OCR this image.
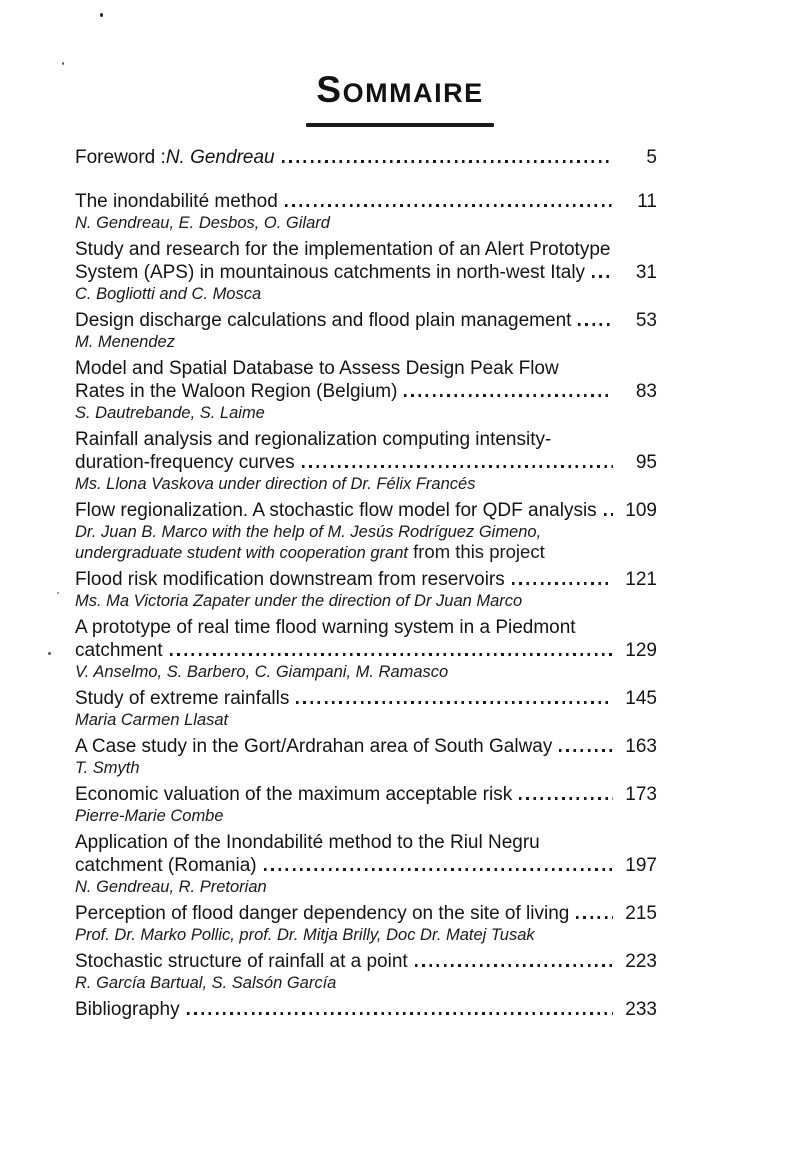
SOMMAIRE
Foreword :N. Gendreau	5
The inondabilité method	11
N. Gendreau, E. Desbos, O. Gilard
Study and research for the implementation of an Alert Prototype
System (APS) in mountainous catchments in north-west Italy	31
C. Bogliotti and C. Mosca
Design discharge calculations and flood plain management	53
M. Menendez
Model and Spatial Database to Assess Design Peak Flow
Rates in the Waloon Region (Belgium)	83
S. Dautrebande, S. Laime
Rainfall analysis and regionalization computing intensity-
duration-frequency curves	95
Ms. Llona Vaskova under direction of Dr. Félix Francés
Flow regionalization. A stochastic flow model for QDF analysis 109
Dr. Juan B. Marco with the help of M. Jesús Rodríguez Gimeno,
undergraduate student with cooperation grant from this project
Flood risk modification downstream from reservoirs	121
Ms. Ma Victoria Zapater under the direction of Dr Juan Marco
A prototype of real time flood warning system in a Piedmont
catchment	129
V. Anselmo, S. Barbero, C. Giampani, M. Ramasco
Study of extreme rainfalls	145
Maria Carmen Llasat
A Case study in the Gort/Ardrahan area of South Galway	163
T. Smyth
Economic valuation of the maximum acceptable risk	173
Pierre-Marie Combe
Application of the Inondabilité method to the Riul Negru
catchment (Romania)	197
N. Gendreau, R. Pretorian
Perception of flood danger dependency on the site of living	215
Prof. Dr. Marko Pollic, prof. Dr. Mitja Brilly, Doc Dr. Matej Tusak
Stochastic structure of rainfall at a point	223
R. García Bartual, S. Salsón García
Bibliography	233
